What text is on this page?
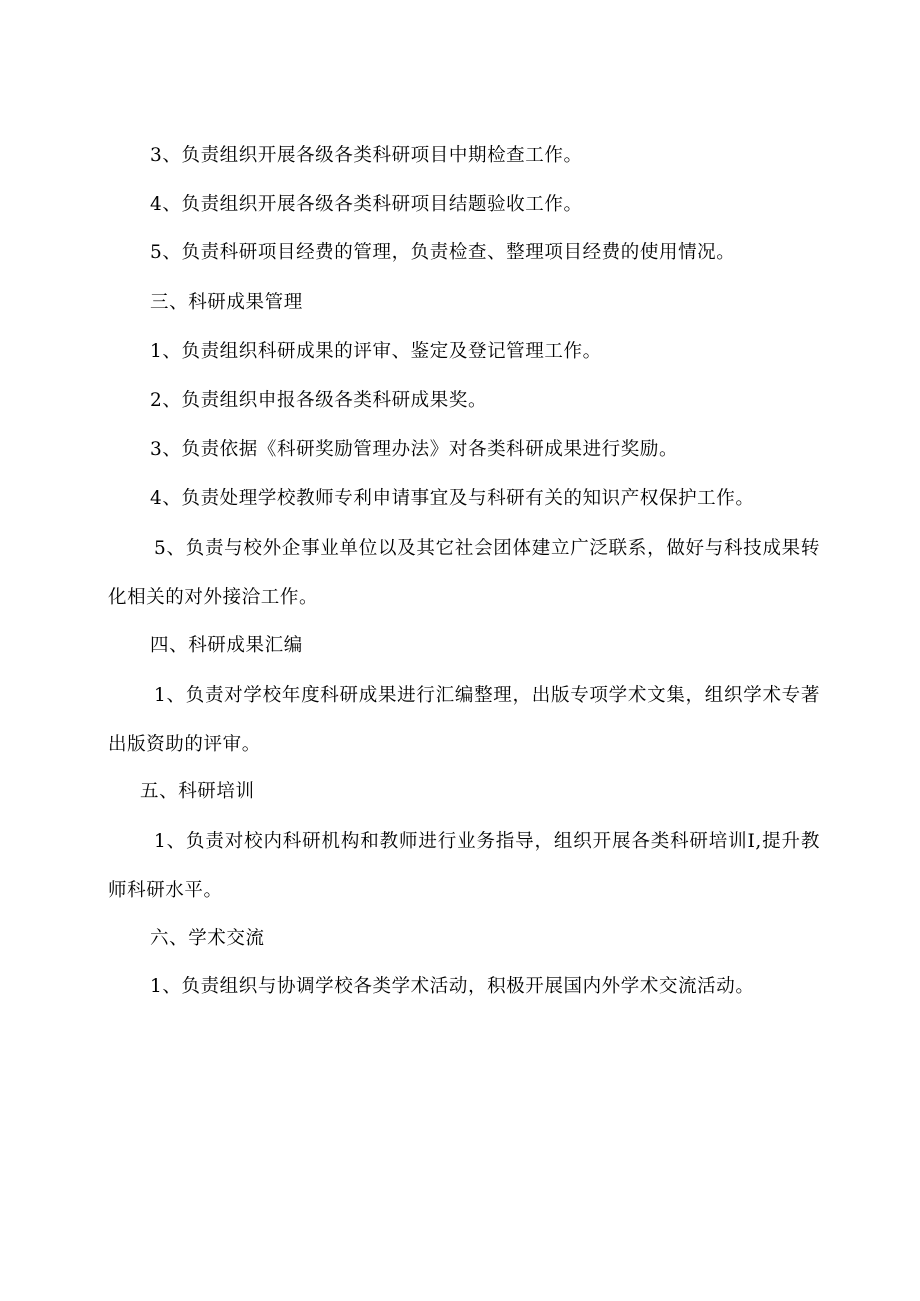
3、负责组织开展各级各类科研项目中期检查工作。
4、负责组织开展各级各类科研项目结题验收工作。
5、负责科研项目经费的管理，负责检查、整理项目经费的使用情况。
三、科研成果管理
1、负责组织科研成果的评审、鉴定及登记管理工作。
2、负责组织申报各级各类科研成果奖。
3、负责依据《科研奖励管理办法》对各类科研成果进行奖励。
4、负责处理学校教师专利申请事宜及与科研有关的知识产权保护工作。
5、负责与校外企事业单位以及其它社会团体建立广泛联系，做好与科技成果转化相关的对外接洽工作。
四、科研成果汇编
1、负责对学校年度科研成果进行汇编整理，出版专项学术文集，组织学术专著出版资助的评审。
五、科研培训
1、负责对校内科研机构和教师进行业务指导，组织开展各类科研培训I,提升教师科研水平。
六、学术交流
1、负责组织与协调学校各类学术活动，积极开展国内外学术交流活动。
